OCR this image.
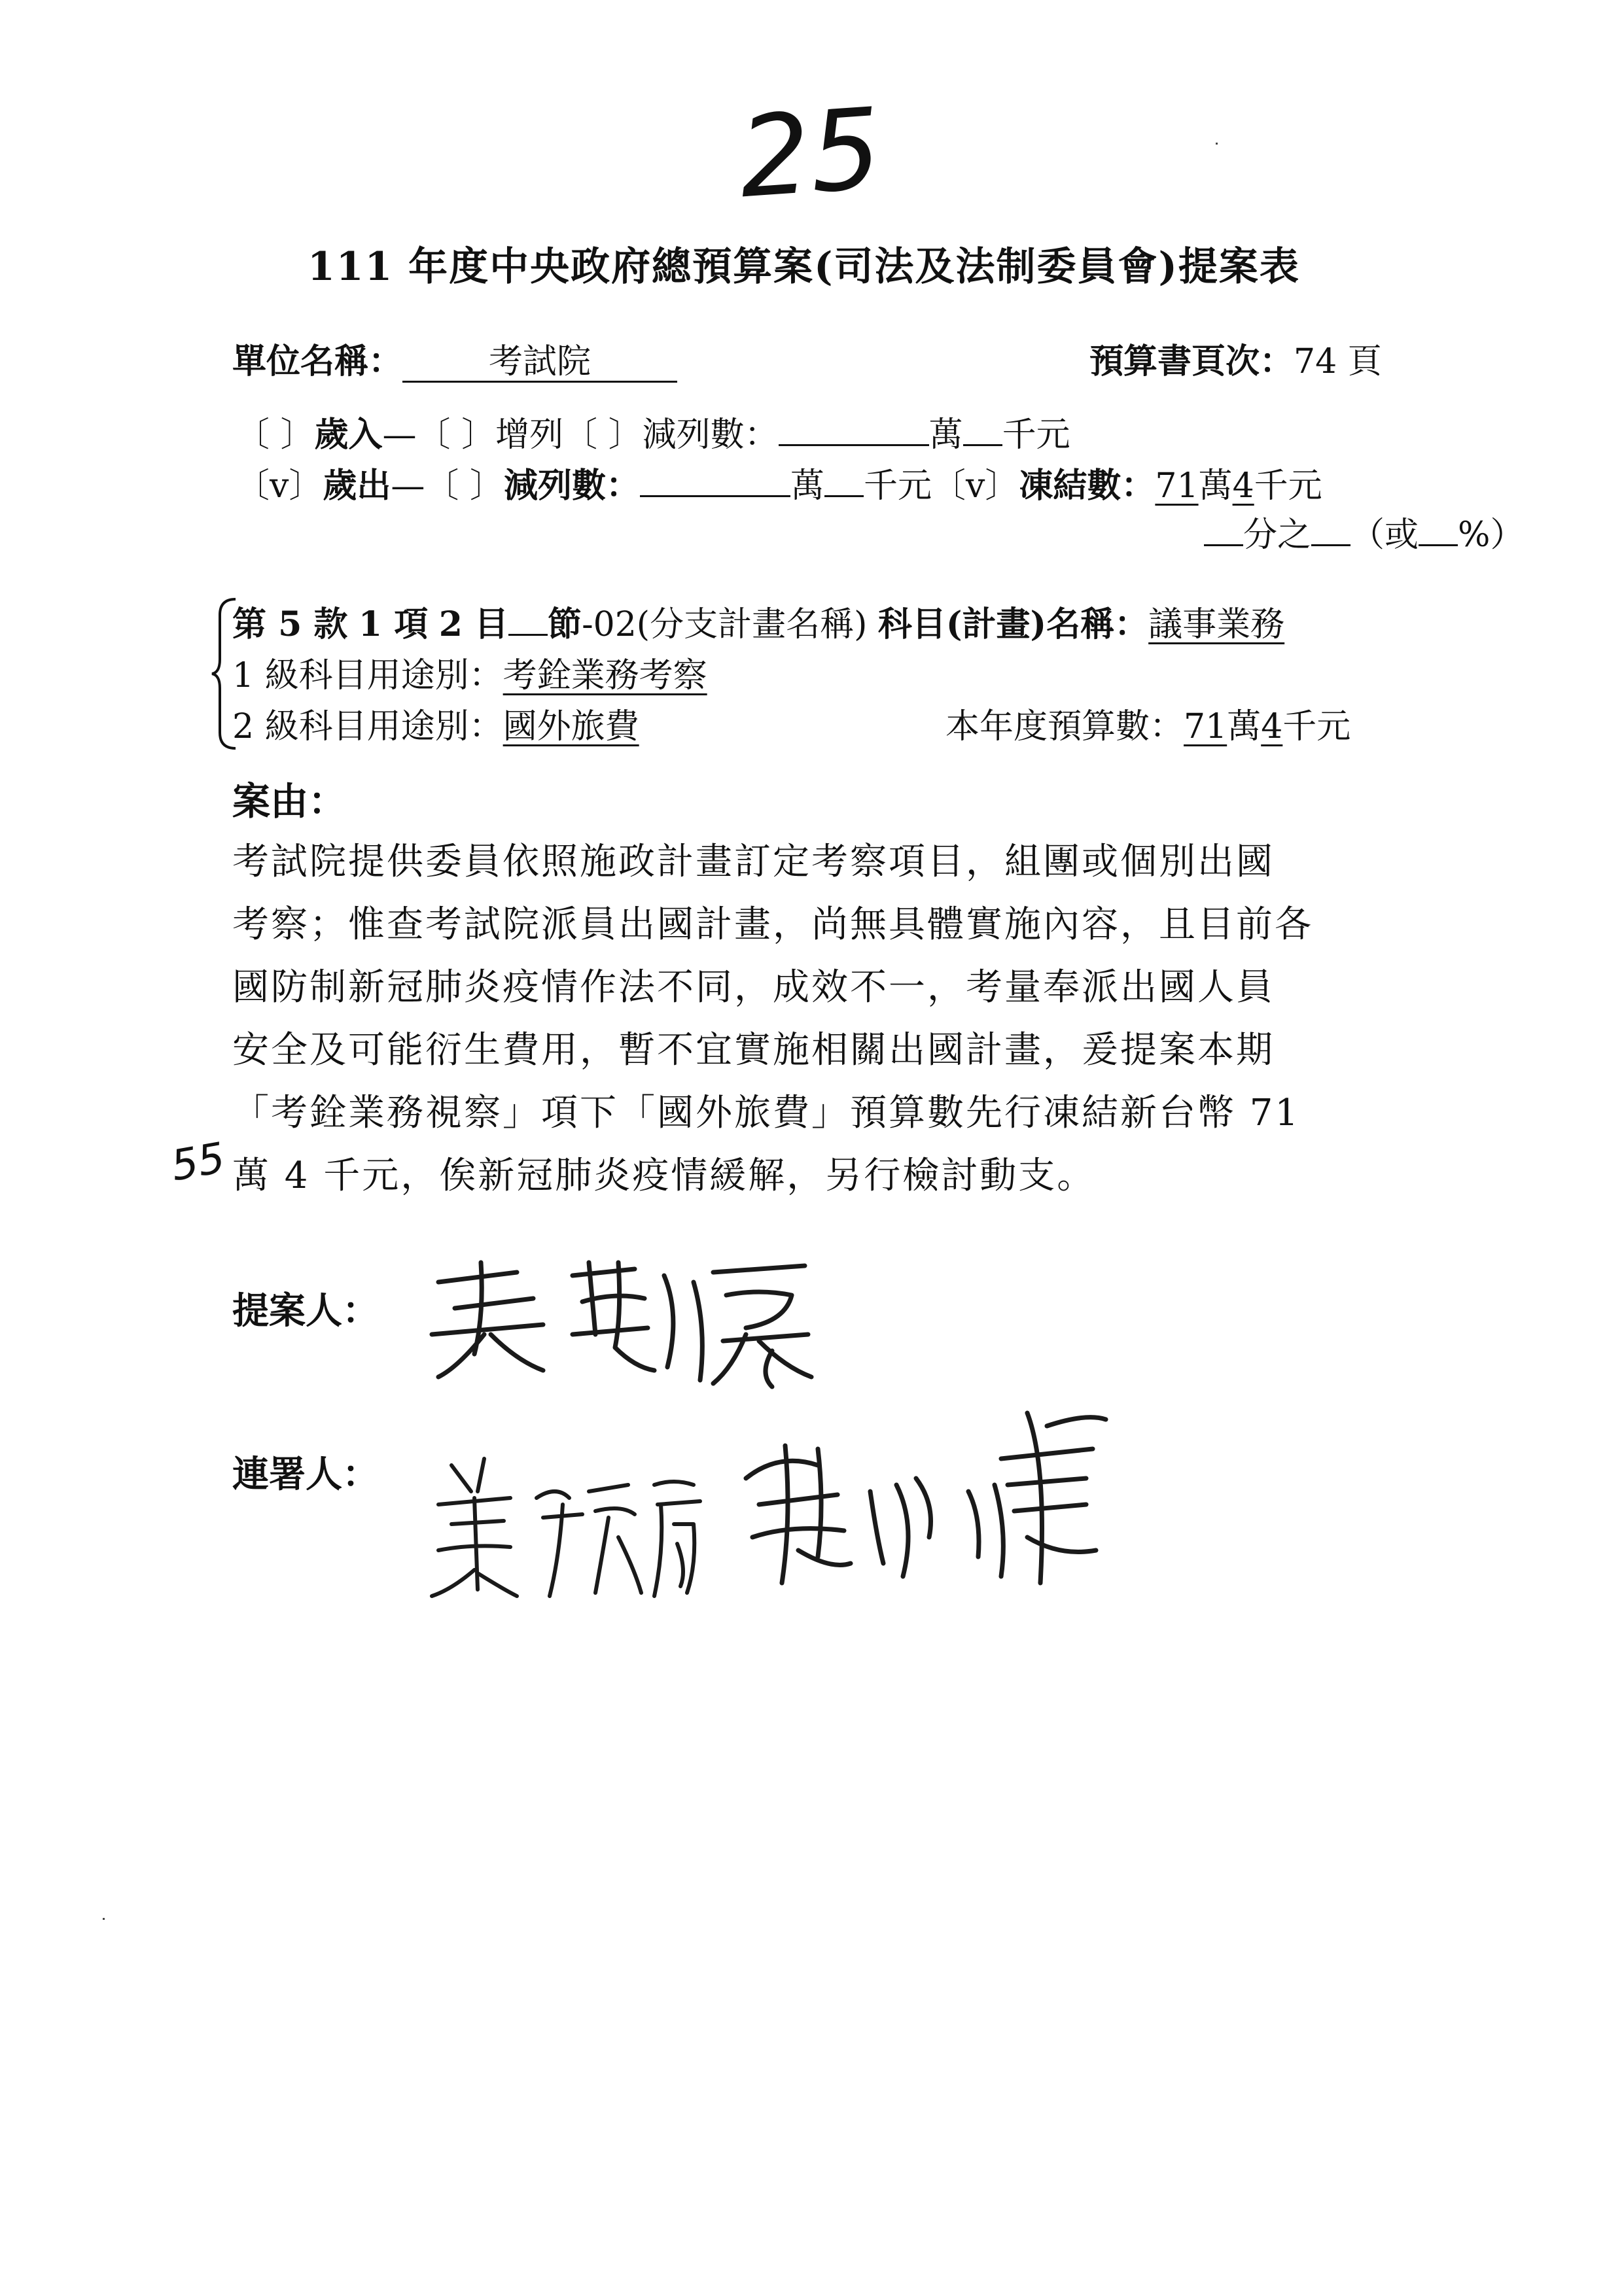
25
111 年度中央政府總預算案(司法及法制委員會)提案表
單位名稱：	考試院	預算書頁次：74 頁
〔 〕歲入—〔 〕增列〔 〕減列數：	萬 千元
〔v〕歲出—〔 〕減列數：	萬 千元〔v〕凍結數：71萬4千元
分之 （或 %）
第 5 款 1 項 2 目 節-02(分支計畫名稱) 科目(計畫)名稱：議事業務
1 級科目用途別：考銓業務考察
2 級科目用途別：國外旅費	本年度預算數：71萬4千元
案由：
考試院提供委員依照施政計畫訂定考察項目，組團或個別出國
考察；惟查考試院派員出國計畫，尚無具體實施內容，且目前各
國防制新冠肺炎疫情作法不同，成效不一，考量奉派出國人員
安全及可能衍生費用，暫不宜實施相關出國計畫，爰提案本期
「考銓業務視察」項下「國外旅費」預算數先行凍結新台幣 71
萬 4 千元，俟新冠肺炎疫情緩解，另行檢討動支。
55
提案人：
連署人：
